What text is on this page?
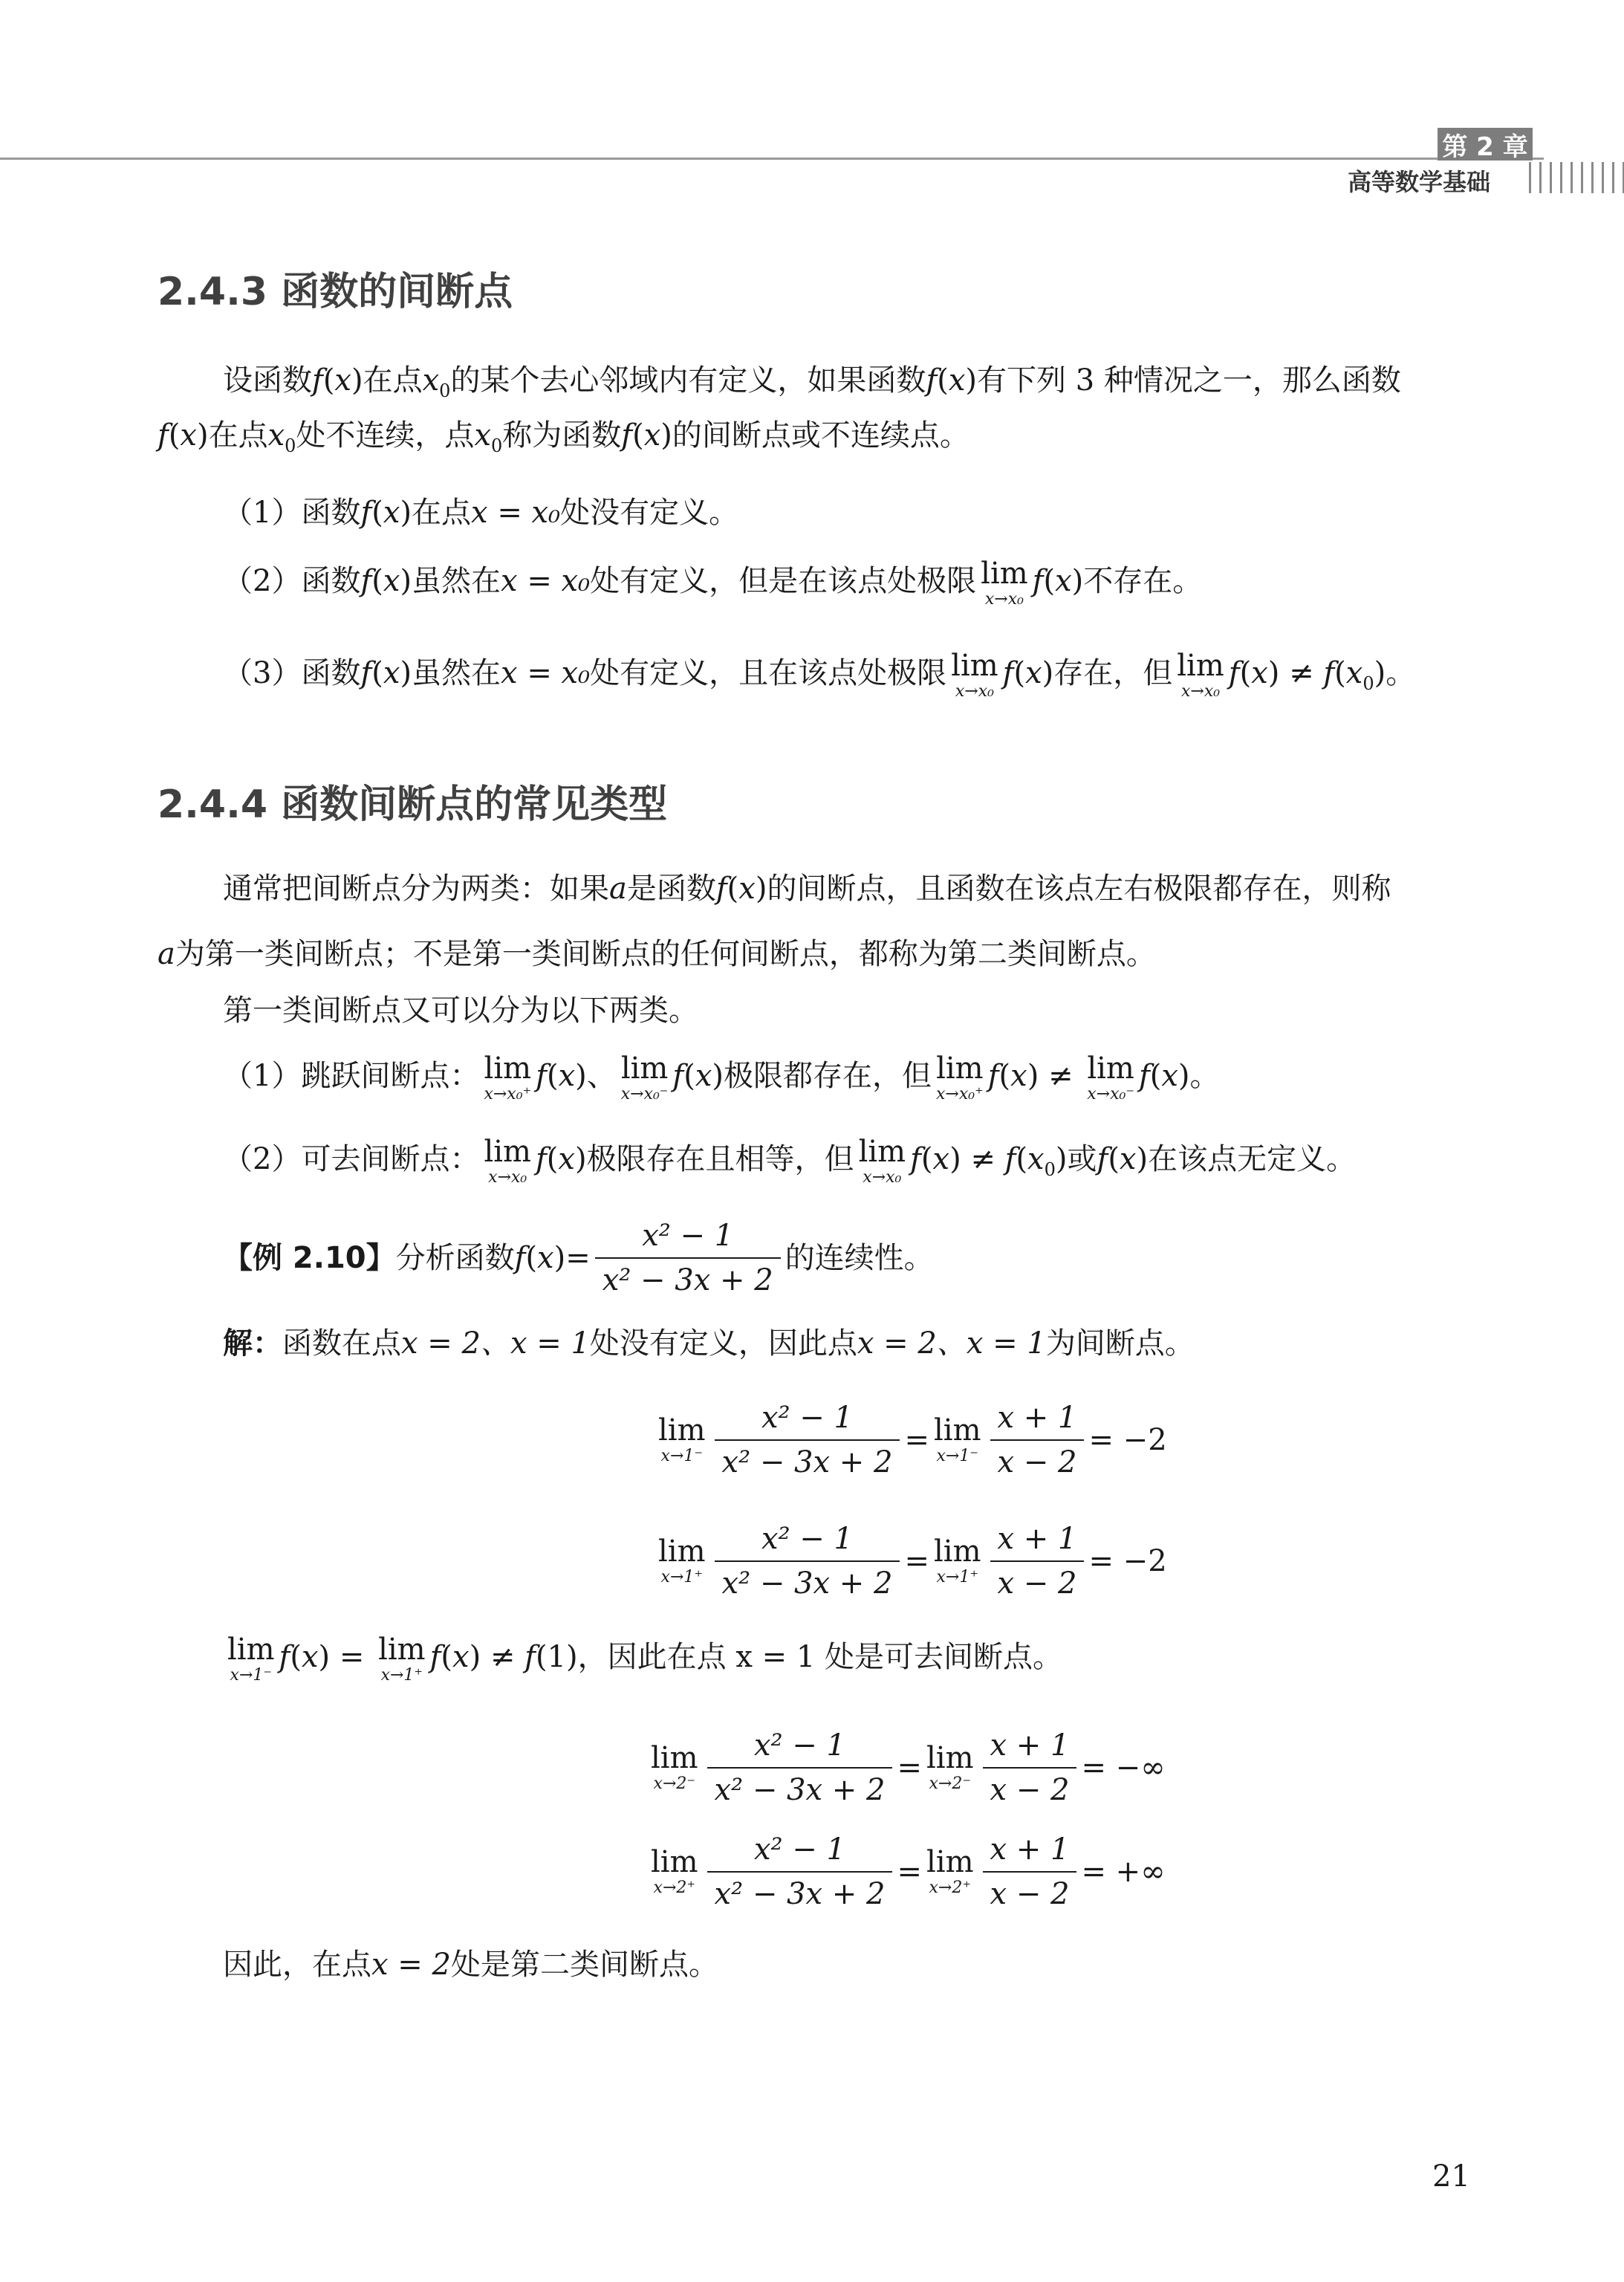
第 2 章
高等数学基础
2.4.3 函数的间断点
设函数f(x)在点$x_0$的某个去心邻域内有定义，如果函数f(x)有下列 3 种情况之一，那么函数
f(x)在点$x_0$处不连续，点$x_0$称为函数f(x)的间断点或不连续点。
（1）函数f(x)在点x = x₀处没有定义。
（2）函数f(x)虽然在x = x₀处有定义，但是在该点处极限 lim
x→x₀
f(x)不存在。
（3）函数f(x)虽然在x = x₀处有定义，且在该点处极限 lim
x→x₀
f(x)存在，但 lim
x→x₀
$f(x) \ne f(x_0)$。
2.4.4 函数间断点的常见类型
通常把间断点分为两类：如果a是函数f(x)的间断点，且函数在该点左右极限都存在，则称
a为第一类间断点；不是第一类间断点的任何间断点，都称为第二类间断点。
第一类间断点又可以分为以下两类。
（1）跳跃间断点： lim
x→x₀⁺
f(x)、 lim
x→x₀⁻
f(x)极限都存在，但 lim
x→x₀⁺
f(x) ≠ lim
x→x₀⁻
f(x)。
（2）可去间断点： lim
x→x₀
f(x)极限存在且相等，但 lim
x→x₀
$f(x) \ne f(x_0)$或f(x)在该点无定义。
【例 2.10】 分析函数 f ( x ) = $\frac{\text{x² − 1}}{\text{x² − 3x + 2}}$ 的连续性。
解：函数在点x = 2、x = 1处没有定义，因此点x = 2、x = 1为间断点。
lim
$x\to 1^- \frac{\text{x² − 1}}{\text{x² − 3x + 2}} = \lim$
$x\to 1^- \frac{x + 1}{x - 2} = -2$
lim
$x\to 1^+ \frac{\text{x² − 1}}{\text{x² − 3x + 2}} = \lim$
$x\to 1^+ \frac{x + 1}{x - 2} = -2$
lim
x→1⁻
f(x) = lim
x→1⁺
f(x) ≠ f(1)，因此在点 x = 1 处是可去间断点。
lim
$x\to 2^- \frac{\text{x² − 1}}{\text{x² − 3x + 2}} = \lim$
$x\to 2^- \frac{x + 1}{x - 2}$ = −∞
lim
$x\to 2^+ \frac{\text{x² − 1}}{\text{x² − 3x + 2}} = \lim$
$x\to 2^+ \frac{x + 1}{x - 2}$ = +∞
因此，在点x = 2处是第二类间断点。
21
